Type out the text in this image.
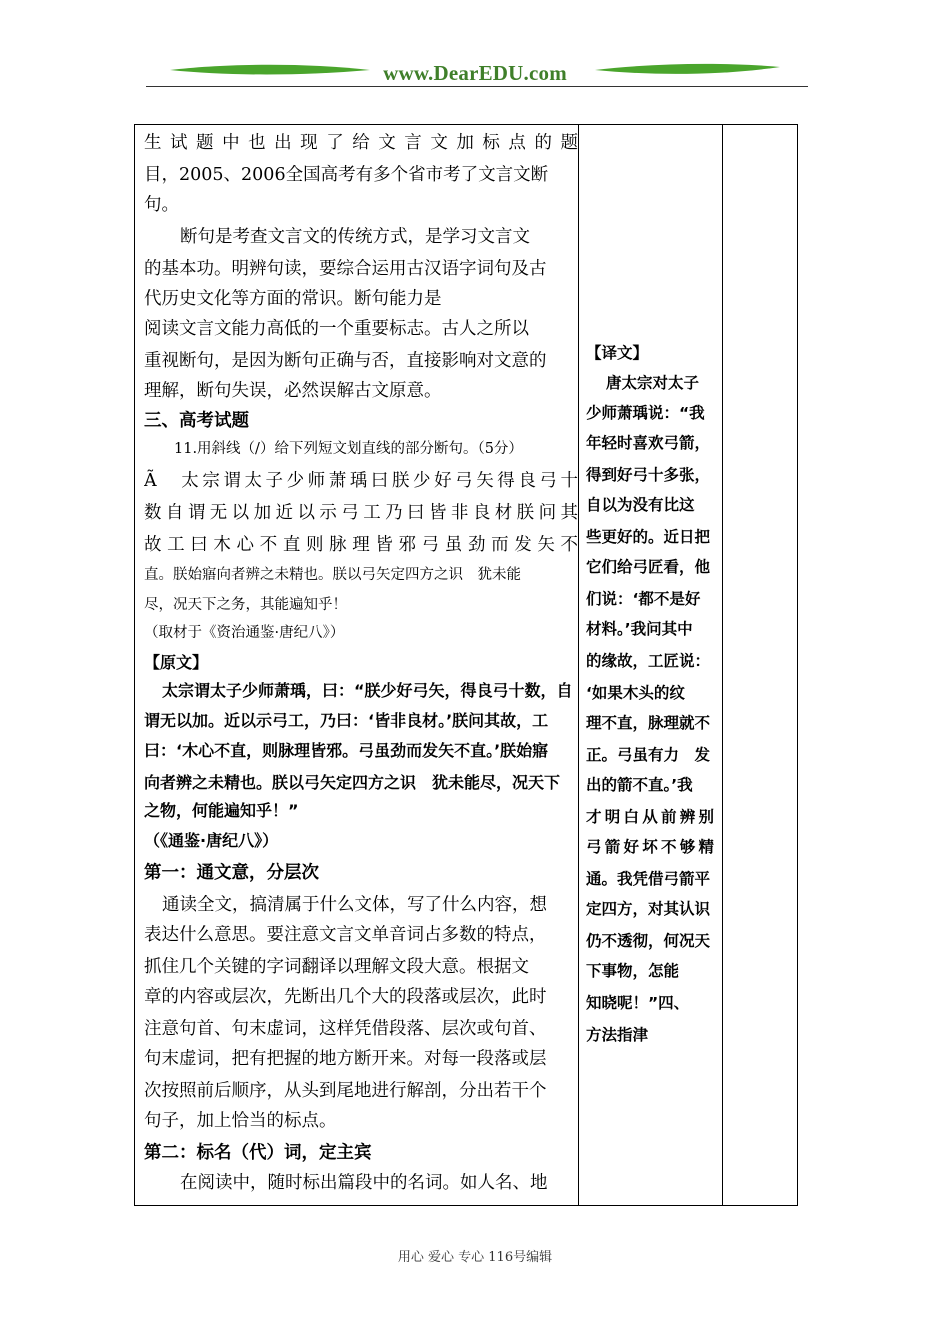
www.DearEDU.com
生试题中也出现了给文言文加标点的题
目，2005、2006全国高考有多个省市考了文言文断
句。
断句是考查文言文的传统方式，是学习文言文
的基本功。明辨句读，要综合运用古汉语字词句及古
代历史文化等方面的常识。断句能力是
阅读文言文能力高低的一个重要标志。古人之所以
重视断句，是因为断句正确与否，直接影响对文意的
理解，断句失误，必然误解古文原意。
三、高考试题
11.用斜线（/）给下列短文划直线的部分断句。（5分）
Ã　太宗谓太子少师萧瑀曰朕少好弓矢得良弓十
数自谓无以加近以示弓工乃曰皆非良材朕问其
故工曰木心不直则脉理皆邪弓虽劲而发矢不
直。朕始寤向者辨之未精也。朕以弓矢定四方之识　犹未能
尽，况天下之务，其能遍知乎！
（取材于《资治通鉴·唐纪八》）
【原文】
太宗谓太子少师萧瑀，曰：“朕少好弓矢，得良弓十数，自
谓无以加。近以示弓工，乃曰：‘皆非良材。’朕问其故，工
曰：‘木心不直，则脉理皆邪。弓虽劲而发矢不直。’朕始寤
向者辨之未精也。朕以弓矢定四方之识　犹未能尽，况天下
之物，何能遍知乎！”
（《通鉴·唐纪八》）
第一：通文意，分层次
通读全文，搞清属于什么文体，写了什么内容，想
表达什么意思。要注意文言文单音词占多数的特点，
抓住几个关键的字词翻译以理解文段大意。根据文
章的内容或层次，先断出几个大的段落或层次，此时
注意句首、句末虚词，这样凭借段落、层次或句首、
句末虚词，把有把握的地方断开来。对每一段落或层
次按照前后顺序，从头到尾地进行解剖，分出若干个
句子，加上恰当的标点。
第二：标名（代）词，定主宾
在阅读中，随时标出篇段中的名词。如人名、地
【译文】
唐太宗对太子
少师萧瑀说：“我
年轻时喜欢弓箭，
得到好弓十多张，
自以为没有比这
些更好的。近日把
它们给弓匠看，他
们说：‘都不是好
材料。’我问其中
的缘故，工匠说：
‘如果木头的纹
理不直，脉理就不
正。弓虽有力　发
出的箭不直。’我
才明白从前辨别
弓箭好坏不够精
通。我凭借弓箭平
定四方，对其认识
仍不透彻，何况天
下事物，怎能
知晓呢！”四、
方法指津
用心 爱心 专心 116号编辑
